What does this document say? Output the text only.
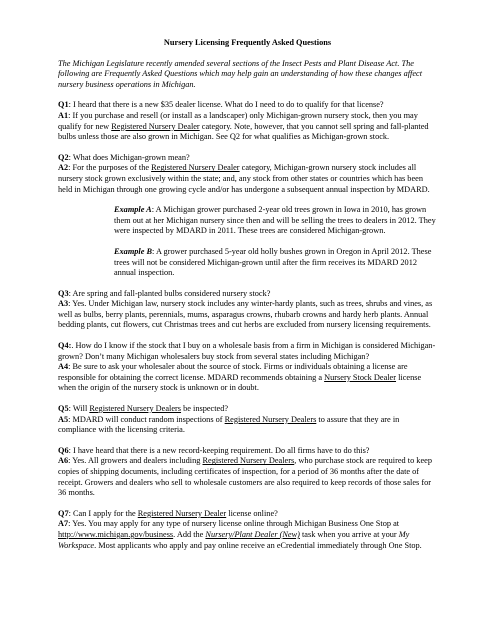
Nursery Licensing Frequently Asked Questions

The Michigan Legislature recently amended several sections of the Insect Pests and Plant Disease Act. The following are Frequently Asked Questions which may help gain an understanding of how these changes affect nursery business operations in Michigan.

Q1: I heard that there is a new $35 dealer license. What do I need to do to qualify for that license?

A1: If you purchase and resell (or install as a landscaper) only Michigan-grown nursery stock, then you may qualify for new Registered Nursery Dealer category. Note, however, that you cannot sell spring and fall-planted bulbs unless those are also grown in Michigan. See Q2 for what qualifies as Michigan-grown stock.

Q2: What does Michigan-grown mean?

A2: For the purposes of the Registered Nursery Dealer category, Michigan-grown nursery stock includes all nursery stock grown exclusively within the state; and, any stock from other states or countries which has been held in Michigan through one growing cycle and/or has undergone a subsequent annual inspection by MDARD.

Example A: A Michigan grower purchased 2-year old trees grown in Iowa in 2010, has grown them out at her Michigan nursery since then and will be selling the trees to dealers in 2012. They were inspected by MDARD in 2011. These trees are considered Michigan-grown.

Example B: A grower purchased 5-year old holly bushes grown in Oregon in April 2012. These trees will not be considered Michigan-grown until after the firm receives its MDARD 2012 annual inspection.

Q3: Are spring and fall-planted bulbs considered nursery stock?

A3: Yes. Under Michigan law, nursery stock includes any winter-hardy plants, such as trees, shrubs and vines, as well as bulbs, berry plants, perennials, mums, asparagus crowns, rhubarb crowns and hardy herb plants. Annual bedding plants, cut flowers, cut Christmas trees and cut herbs are excluded from nursery licensing requirements.

Q4:. How do I know if the stock that I buy on a wholesale basis from a firm in Michigan is considered Michigan-grown? Don’t many Michigan wholesalers buy stock from several states including Michigan?

A4: Be sure to ask your wholesaler about the source of stock. Firms or individuals obtaining a license are responsible for obtaining the correct license. MDARD recommends obtaining a Nursery Stock Dealer license when the origin of the nursery stock is unknown or in doubt.

Q5: Will Registered Nursery Dealers be inspected?

A5: MDARD will conduct random inspections of Registered Nursery Dealers to assure that they are in compliance with the licensing criteria.

Q6: I have heard that there is a new record-keeping requirement. Do all firms have to do this?

A6: Yes. All growers and dealers including Registered Nursery Dealers, who purchase stock are required to keep copies of shipping documents, including certificates of inspection, for a period of 36 months after the date of receipt. Growers and dealers who sell to wholesale customers are also required to keep records of those sales for 36 months.

Q7: Can I apply for the Registered Nursery Dealer license online?

A7: Yes. You may apply for any type of nursery license online through Michigan Business One Stop at http://www.michigan.gov/business. Add the Nursery/Plant Dealer (New) task when you arrive at your My Workspace. Most applicants who apply and pay online receive an eCredential immediately through One Stop.
